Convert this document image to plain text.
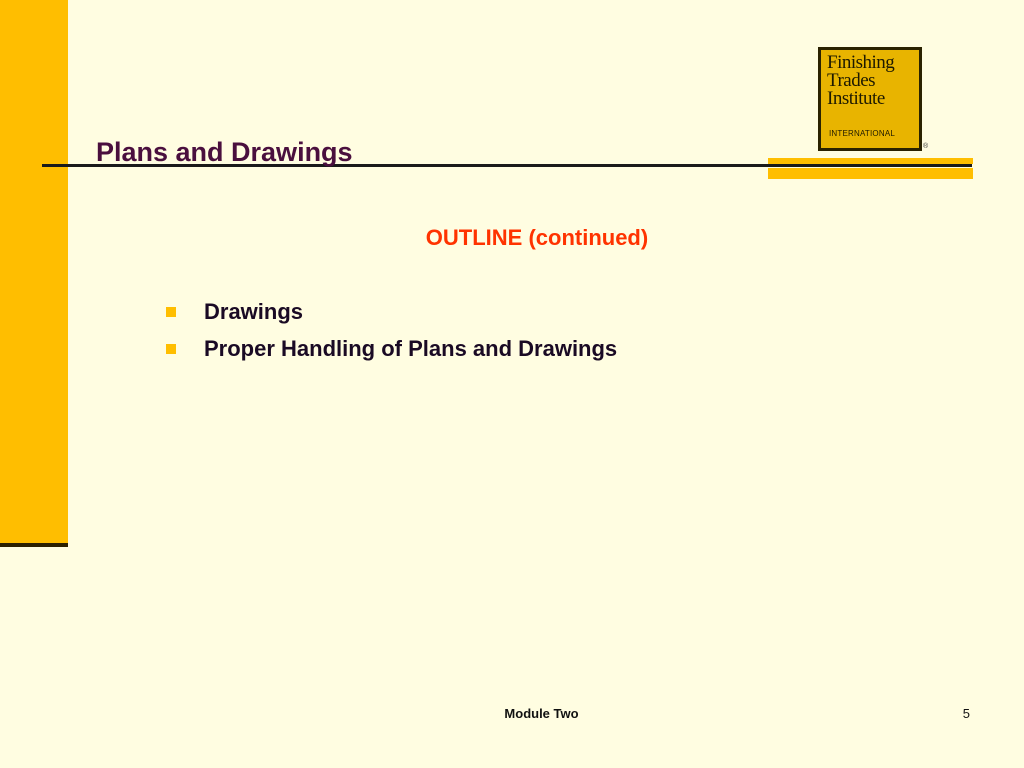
Plans and Drawings
Finishing
Trades
Institute
INTERNATIONAL
®
OUTLINE (continued)
Drawings
Proper Handling of Plans and Drawings
Module Two	5
